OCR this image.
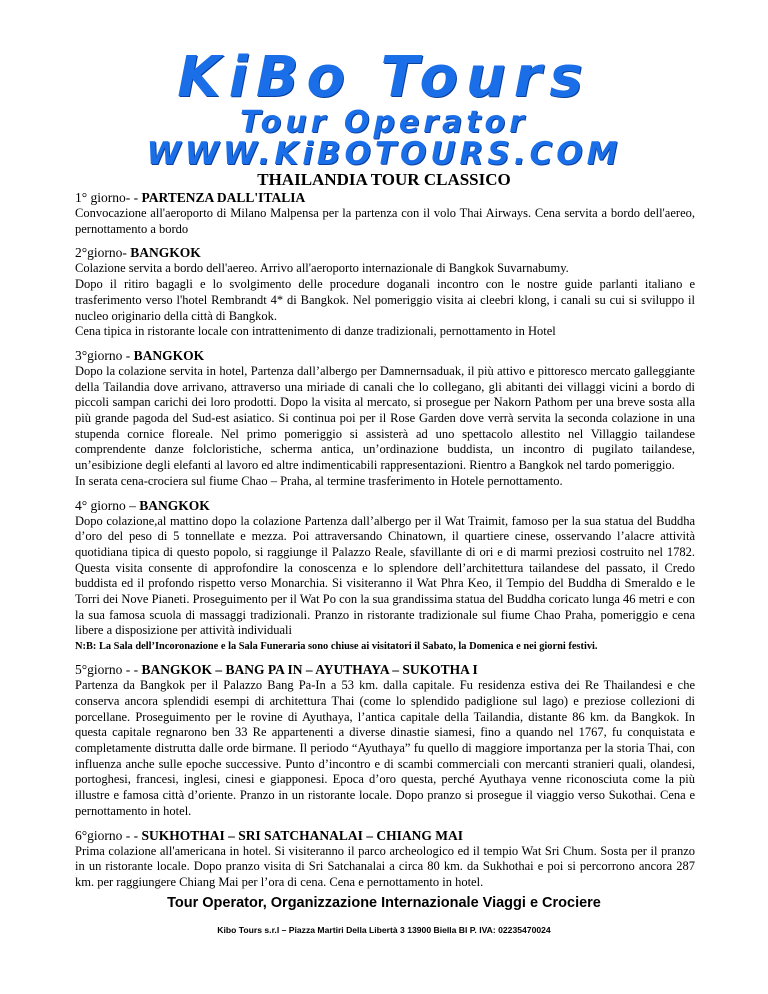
KiBo Tours
Tour Operator
WWW.KiBOTOURS.COM
THAILANDIA TOUR CLASSICO
1° giorno- - PARTENZA DALL'ITALIA

Convocazione all'aeroporto di Milano Malpensa per la partenza con il volo Thai Airways. Cena servita a bordo dell'aereo, pernottamento a bordo

2°giorno- BANGKOK

Colazione servita a bordo dell'aereo. Arrivo all'aeroporto internazionale di Bangkok Suvarnabumy.

Dopo il ritiro bagagli e lo svolgimento delle procedure doganali incontro con le nostre guide parlanti italiano e trasferimento verso l'hotel Rembrandt 4* di Bangkok. Nel pomeriggio visita ai cleebri klong, i canali su cui si sviluppo il nucleo originario della città di Bangkok.

Cena tipica in ristorante locale con intrattenimento di danze tradizionali, pernottamento in Hotel

3°giorno - BANGKOK

Dopo la colazione servita in hotel, Partenza dall’albergo per Damnernsaduak, il più attivo e pittoresco mercato galleggiante della Tailandia dove arrivano, attraverso una miriade di canali che lo collegano, gli abitanti dei villaggi vicini a bordo di piccoli sampan carichi dei loro prodotti. Dopo la visita al mercato, si prosegue per Nakorn Pathom per una breve sosta alla più grande pagoda del Sud-est asiatico. Si continua poi per il Rose Garden dove verrà servita la seconda colazione in una stupenda cornice floreale. Nel primo pomeriggio si assisterà ad uno spettacolo allestito nel Villaggio tailandese comprendente danze folcloristiche, scherma antica, un’ordinazione buddista, un incontro di pugilato tailandese, un’esibizione degli elefanti al lavoro ed altre indimenticabili rappresentazioni. Rientro a Bangkok nel tardo pomeriggio.

In serata cena-crociera sul fiume Chao – Praha, al termine trasferimento in Hotele pernottamento.

4° giorno – BANGKOK

Dopo colazione,al mattino dopo la colazione Partenza dall’albergo per il Wat Traimit, famoso per la sua statua del Buddha d’oro del peso di 5 tonnellate e mezza. Poi attraversando Chinatown, il quartiere cinese, osservando l’alacre attività quotidiana tipica di questo popolo, si raggiunge il Palazzo Reale, sfavillante di ori e di marmi preziosi costruito nel 1782. Questa visita consente di approfondire la conoscenza e lo splendore dell’architettura tailandese del passato, il Credo buddista ed il profondo rispetto verso Monarchia. Si visiteranno il Wat Phra Keo, il Tempio del Buddha di Smeraldo e le Torri dei Nove Pianeti. Proseguimento per il Wat Po con la sua grandissima statua del Buddha coricato lunga 46 metri e con la sua famosa scuola di massaggi tradizionali. Pranzo in ristorante tradizionale sul fiume Chao Praha, pomeriggio e cena libere a disposizione per attività individuali

N:B: La Sala dell’Incoronazione e la Sala Funeraria sono chiuse ai visitatori il Sabato, la Domenica e nei giorni festivi.
5°giorno - - BANGKOK – BANG PA IN – AYUTHAYA – SUKOTHA I

Partenza da Bangkok per il Palazzo Bang Pa-In a 53 km. dalla capitale. Fu residenza estiva dei Re Thailandesi e che conserva ancora splendidi esempi di architettura Thai (come lo splendido padiglione sul lago) e preziose collezioni di porcellane. Proseguimento per le rovine di Ayuthaya, l’antica capitale della Tailandia, distante 86 km. da Bangkok. In questa capitale regnarono ben 33 Re appartenenti a diverse dinastie siamesi, fino a quando nel 1767, fu conquistata e completamente distrutta dalle orde birmane. Il periodo “Ayuthaya” fu quello di maggiore importanza per la storia Thai, con influenza anche sulle epoche successive. Punto d’incontro e di scambi commerciali con mercanti stranieri quali, olandesi, portoghesi, francesi, inglesi, cinesi e giapponesi. Epoca d’oro questa, perché Ayuthaya venne riconosciuta come la più illustre e famosa città d’oriente. Pranzo in un ristorante locale. Dopo pranzo si prosegue il viaggio verso Sukothai. Cena e pernottamento in hotel.

6°giorno - - SUKHOTHAI – SRI SATCHANALAI – CHIANG MAI

Prima colazione all'americana in hotel. Si visiteranno il parco archeologico ed il tempio Wat Sri Chum. Sosta per il pranzo in un ristorante locale. Dopo pranzo visita di Sri Satchanalai a circa 80 km. da Sukhothai e poi si percorrono ancora 287 km. per raggiungere Chiang Mai per l’ora di cena. Cena e pernottamento in hotel.

Tour Operator, Organizzazione Internazionale Viaggi e Crociere
Kibo Tours s.r.l – Piazza Martiri Della Libertà 3 13900 Biella BI P. IVA: 02235470024
